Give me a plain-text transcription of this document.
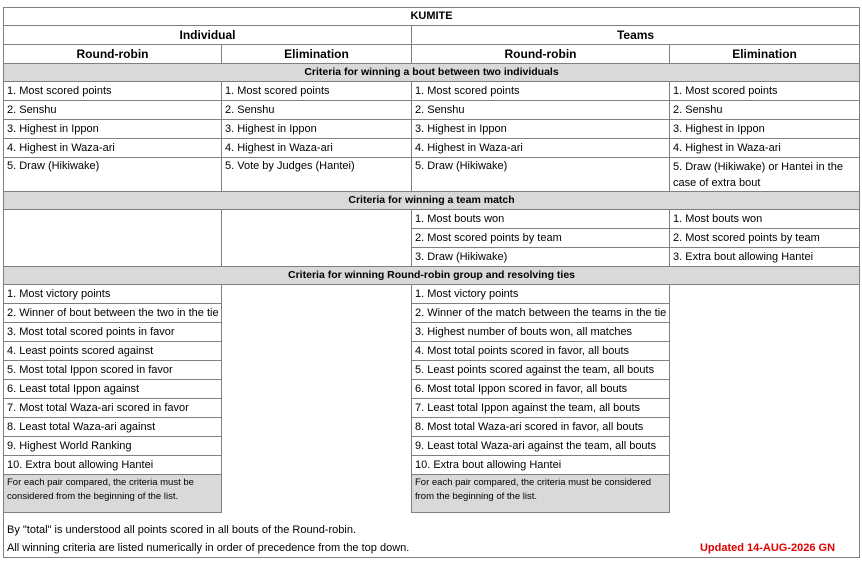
KUMITE			
Individual		Teams	
Round-robin	Elimination	Round-robin	Elimination
Criteria for winning a bout between two individuals			
1. Most scored points	1. Most scored points	1. Most scored points	1. Most scored points
2. Senshu	2. Senshu	2. Senshu	2. Senshu
3. Highest in Ippon	3. Highest in Ippon	3. Highest in Ippon	3. Highest in Ippon
4. Highest in Waza-ari	4. Highest in Waza-ari	4. Highest in Waza-ari	4. Highest in Waza-ari
5. Draw (Hikiwake)	5. Vote by Judges (Hantei)	5. Draw (Hikiwake)	5. Draw (Hikiwake) or Hantei in the case of extra bout
Criteria for winning a team match			
		1. Most bouts won	1. Most bouts won
		2. Most scored points by team	2. Most scored points by team
		3. Draw (Hikiwake)	3. Extra bout allowing Hantei
Criteria for winning Round-robin group and resolving ties			
1. Most victory points		1. Most victory points	
2. Winner of bout between the two in the tie		2. Winner of the match between the teams in the tie	
3. Most total scored points in favor		3. Highest number of bouts won, all matches	
4. Least points scored against		4. Most total points scored in favor, all bouts	
5. Most total Ippon scored in favor		5. Least points scored against the team, all bouts	
6. Least total Ippon against		6. Most total Ippon scored in favor, all bouts	
7. Most total Waza-ari scored in favor		7. Least total Ippon against the team, all bouts	
8. Least total Waza-ari against		8. Most total Waza-ari scored in favor, all bouts	
9. Highest World Ranking		9. Least total Waza-ari against the team, all bouts	
10. Extra bout allowing Hantei		10. Extra bout allowing Hantei	
For each pair compared, the criteria must be considered from the beginning of the list.		For each pair compared, the criteria must be considered from the beginning of the list.	

By "total" is understood all points scored in all bouts of the Round-robin.			
All winning criteria are listed numerically in order of precedence from the top down.			Updated 14-AUG-2026 GN
